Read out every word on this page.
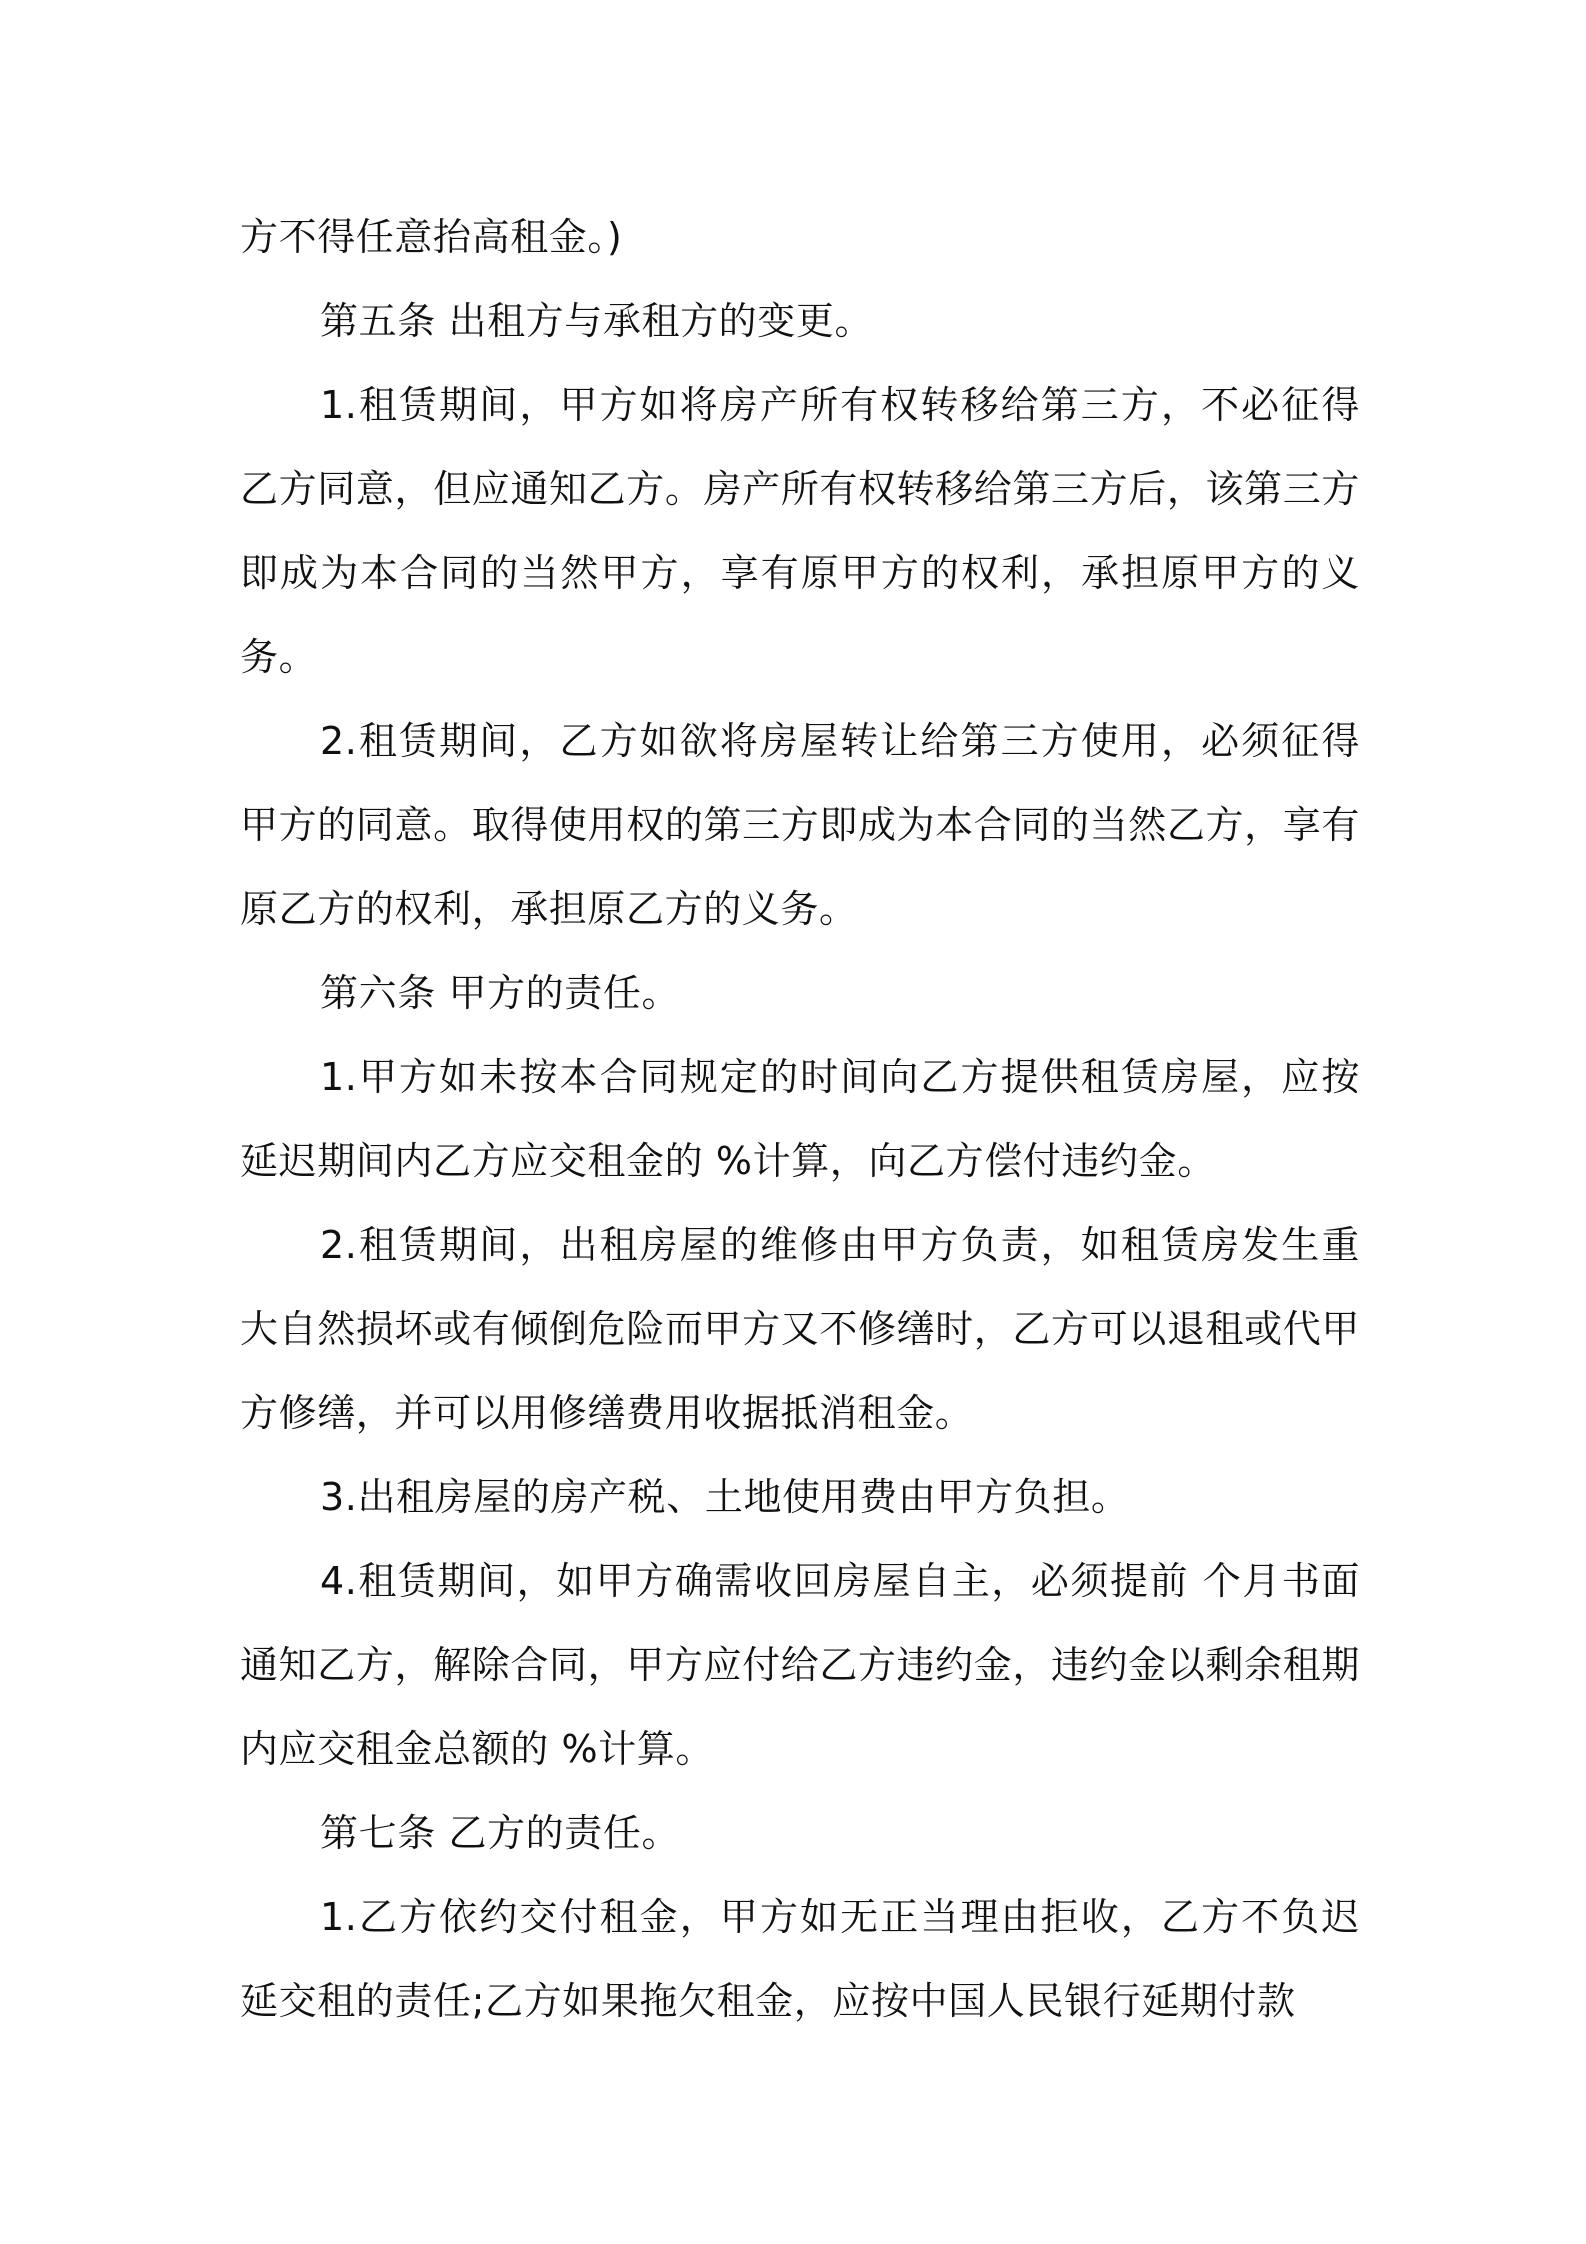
方不得任意抬高租金。)

第五条 出租方与承租方的变更。

1.租赁期间，甲方如将房产所有权转移给第三方，不必征得乙方同意，但应通知乙方。房产所有权转移给第三方后，该第三方即成为本合同的当然甲方，享有原甲方的权利，承担原甲方的义务。

2.租赁期间，乙方如欲将房屋转让给第三方使用，必须征得甲方的同意。取得使用权的第三方即成为本合同的当然乙方，享有原乙方的权利，承担原乙方的义务。

第六条 甲方的责任。

1.甲方如未按本合同规定的时间向乙方提供租赁房屋，应按延迟期间内乙方应交租金的 %计算，向乙方偿付违约金。

2.租赁期间，出租房屋的维修由甲方负责，如租赁房发生重大自然损坏或有倾倒危险而甲方又不修缮时，乙方可以退租或代甲方修缮，并可以用修缮费用收据抵消租金。

3.出租房屋的房产税、土地使用费由甲方负担。

4.租赁期间，如甲方确需收回房屋自主，必须提前 个月书面通知乙方，解除合同，甲方应付给乙方违约金，违约金以剩余租期内应交租金总额的 %计算。

第七条 乙方的责任。

1.乙方依约交付租金，甲方如无正当理由拒收，乙方不负迟延交租的责任;乙方如果拖欠租金，应按中国人民银行延期付款
